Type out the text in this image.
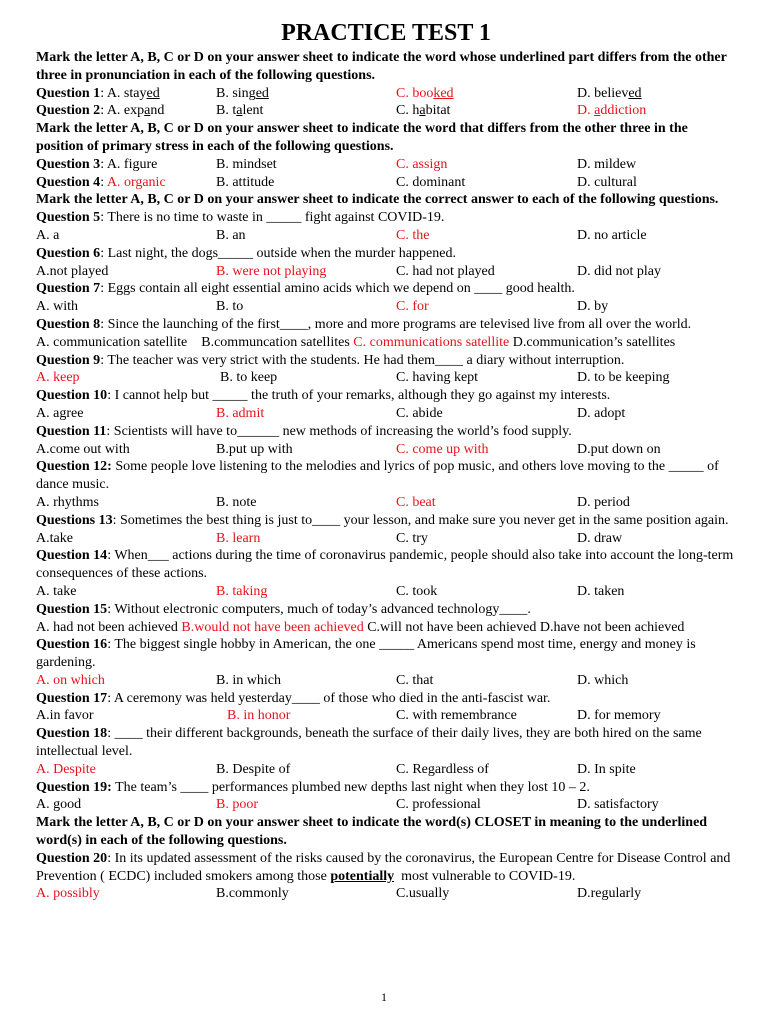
PRACTICE TEST 1
Mark the letter A, B, C or D on your answer sheet to indicate the word whose underlined part differs from the other three in pronunciation in each of the following questions.
Question 1: A. stayed	B. singed	C. booked	D. believed
Question 2: A. expand	B. talent	C. habitat	D. addiction
Mark the letter A, B, C or D on your answer sheet to indicate the word that differs from the other three in the position of primary stress in each of the following questions.
Question 3: A. figure	B. mindset	C. assign	D. mildew
Question 4: A. organic	B. attitude	C. dominant	D. cultural
Mark the letter A, B, C or D on your answer sheet to indicate the correct answer to each of the following questions.
Question 5: There is no time to waste in _____ fight against COVID-19.
A. a	B. an	C. the	D. no article
Question 6: Last night, the dogs_____ outside when the murder happened.
A.not played	B. were not playing	C. had not played	D. did not play
Question 7: Eggs contain all eight essential amino acids which we depend on ____ good health.
A. with	B. to	C. for	D. by
Question 8: Since the launching of the first____, more and more programs are televised live from all over the world.
A. communication satellite B.communcation satellites C. communications satellite D.communication’s satellites
Question 9: The teacher was very strict with the students. He had them____ a diary without interruption.
A. keep	B. to keep	C. having kept	D. to be keeping
Question 10: I cannot help but _____ the truth of your remarks, although they go against my interests.
A. agree	B. admit	C. abide	D. adopt
Question 11: Scientists will have to______ new methods of increasing the world’s food supply.
A.come out with	B.put up with	C. come up with	D.put down on
Question 12: Some people love listening to the melodies and lyrics of pop music, and others love moving to the _____ of dance music.
A. rhythms	B. note	C. beat	D. period
Questions 13: Sometimes the best thing is just to____ your lesson, and make sure you never get in the same position again.
A.take	B. learn	C. try	D. draw
Question 14: When___ actions during the time of coronavirus pandemic, people should also take into account the long-term consequences of these actions.
A. take	B. taking	C. took	D. taken
Question 15: Without electronic computers, much of today’s advanced technology____.
A. had not been achieved B.would not have been achieved C.will not have been achieved D.have not been achieved
Question 16: The biggest single hobby in American, the one _____ Americans spend most time, energy and money is gardening.
A. on which	B. in which	C. that	D. which
Question 17: A ceremony was held yesterday____ of those who died in the anti-fascist war.
A.in favor	B. in honor	C. with remembrance	D. for memory
Question 18: ____ their different backgrounds, beneath the surface of their daily lives, they are both hired on the same intellectual level.
A. Despite	B. Despite of	C. Regardless of	D. In spite
Question 19: The team’s ____ performances plumbed new depths last night when they lost 10 – 2.
A. good	B. poor	C. professional	D. satisfactory
Mark the letter A, B, C or D on your answer sheet to indicate the word(s) CLOSET in meaning to the underlined word(s) in each of the following questions.
Question 20: In its updated assessment of the risks caused by the coronavirus, the European Centre for Disease Control and Prevention ( ECDC) included smokers among those potentially  most vulnerable to COVID-19.
A. possibly	B.commonly	C.usually	D.regularly
1
